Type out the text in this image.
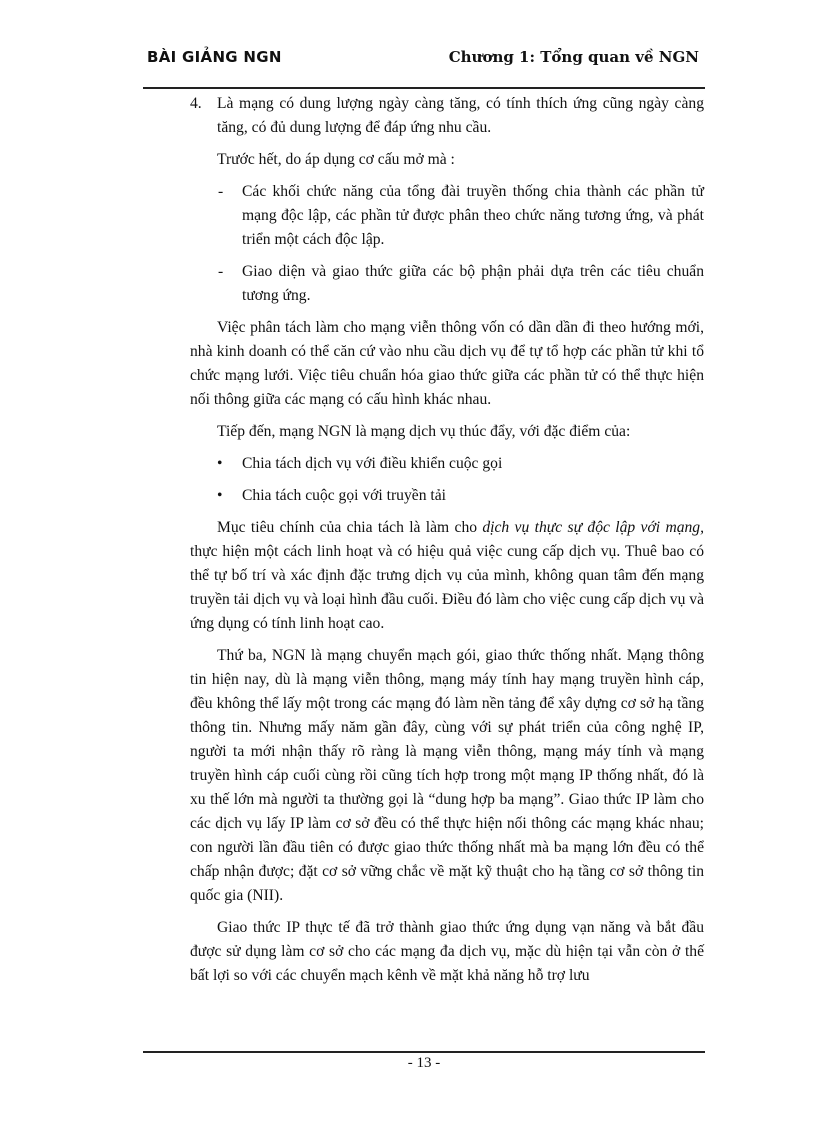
BÀI GIẢNG NGN	Chương 1: Tổng quan về NGN

4. Là mạng có dung lượng ngày càng tăng, có tính thích ứng cũng ngày càng tăng, có đủ dung lượng để đáp ứng nhu cầu.

Trước hết, do áp dụng cơ cấu mở mà :

- Các khối chức năng của tổng đài truyền thống chia thành các phần tử mạng độc lập, các phần tử được phân theo chức năng tương ứng, và phát triển một cách độc lập.

- Giao diện và giao thức giữa các bộ phận phải dựa trên các tiêu chuẩn tương ứng.

Việc phân tách làm cho mạng viễn thông vốn có dần dần đi theo hướng mới, nhà kinh doanh có thể căn cứ vào nhu cầu dịch vụ để tự tổ hợp các phần tử khi tổ chức mạng lưới. Việc tiêu chuẩn hóa giao thức giữa các phần tử có thể thực hiện nối thông giữa các mạng có cấu hình khác nhau.

Tiếp đến, mạng NGN là mạng dịch vụ thúc đẩy, với đặc điểm của:

• Chia tách dịch vụ với điều khiển cuộc gọi

• Chia tách cuộc gọi với truyền tải

Mục tiêu chính của chia tách là làm cho dịch vụ thực sự độc lập với mạng, thực hiện một cách linh hoạt và có hiệu quả việc cung cấp dịch vụ. Thuê bao có thể tự bố trí và xác định đặc trưng dịch vụ của mình, không quan tâm đến mạng truyền tải dịch vụ và loại hình đầu cuối. Điều đó làm cho việc cung cấp dịch vụ và ứng dụng có tính linh hoạt cao.

Thứ ba, NGN là mạng chuyển mạch gói, giao thức thống nhất. Mạng thông tin hiện nay, dù là mạng viễn thông, mạng máy tính hay mạng truyền hình cáp, đều không thể lấy một trong các mạng đó làm nền tảng để xây dựng cơ sở hạ tầng thông tin. Nhưng mấy năm gần đây, cùng với sự phát triển của công nghệ IP, người ta mới nhận thấy rõ ràng là mạng viễn thông, mạng máy tính và mạng truyền hình cáp cuối cùng rồi cũng tích hợp trong một mạng IP thống nhất, đó là xu thế lớn mà người ta thường gọi là “dung hợp ba mạng”. Giao thức IP làm cho các dịch vụ lấy IP làm cơ sở đều có thể thực hiện nối thông các mạng khác nhau; con người lần đầu tiên có được giao thức thống nhất mà ba mạng lớn đều có thể chấp nhận được; đặt cơ sở vững chắc về mặt kỹ thuật cho hạ tầng cơ sở thông tin quốc gia (NII).

Giao thức IP thực tế đã trở thành giao thức ứng dụng vạn năng và bắt đầu được sử dụng làm cơ sở cho các mạng đa dịch vụ, mặc dù hiện tại vẫn còn ở thế bất lợi so với các chuyển mạch kênh về mặt khả năng hỗ trợ lưu

- 13 -
